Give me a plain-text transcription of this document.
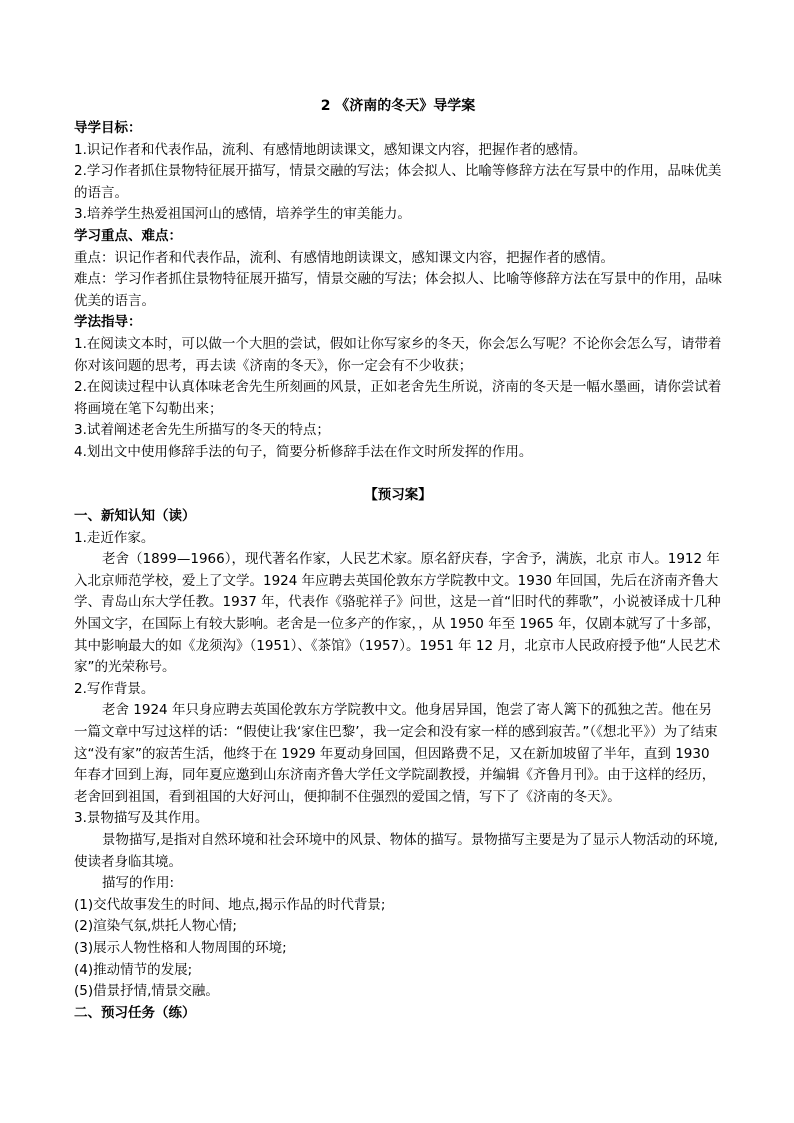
2 《济南的冬天》导学案

导学目标：

1.识记作者和代表作品，流利、有感情地朗读课文，感知课文内容，把握作者的感情。

2.学习作者抓住景物特征展开描写，情景交融的写法；体会拟人、比喻等修辞方法在写景中的作用，品味优美的语言。

3.培养学生热爱祖国河山的感情，培养学生的审美能力。

学习重点、难点：

重点：识记作者和代表作品，流利、有感情地朗读课文，感知课文内容，把握作者的感情。

难点：学习作者抓住景物特征展开描写，情景交融的写法；体会拟人、比喻等修辞方法在写景中的作用，品味优美的语言。

学法指导：

1.在阅读文本时，可以做一个大胆的尝试，假如让你写家乡的冬天，你会怎么写呢？不论你会怎么写，请带着你对该问题的思考，再去读《济南的冬天》，你一定会有不少收获；

2.在阅读过程中认真体味老舍先生所刻画的风景，正如老舍先生所说，济南的冬天是一幅水墨画，请你尝试着将画境在笔下勾勒出来；

3.试着阐述老舍先生所描写的冬天的特点；

4.划出文中使用修辞手法的句子，简要分析修辞手法在作文时所发挥的作用。

【预习案】

一、新知认知（读）

1.走近作家。

老舍（1899—1966），现代著名作家，人民艺术家。原名舒庆春，字舍予，满族，北京 市人。1912 年入北京师范学校，爱上了文学。1924 年应聘去英国伦敦东方学院教中文。1930 年回国，先后在济南齐鲁大学、青岛山东大学任教。1937 年，代表作《骆驼祥子》问世，这是一首“旧时代的葬歌”，小说被译成十几种外国文字，在国际上有较大影响。老舍是一位多产的作家，，从 1950 年至 1965 年，仅剧本就写了十多部，其中影响最大的如《龙须沟》（1951）、《茶馆》（1957）。1951 年 12 月，北京市人民政府授予他“人民艺术家”的光荣称号。

2.写作背景。

老舍 1924 年只身应聘去英国伦敦东方学院教中文。他身居异国，饱尝了寄人篱下的孤独之苦。他在另一篇文章中写过这样的话：“假使让我‘家住巴黎’，我一定会和没有家一样的感到寂苦。”（《想北平》）为了结束这“没有家”的寂苦生活，他终于在 1929 年夏动身回国，但因路费不足，又在新加坡留了半年，直到 1930 年春才回到上海，同年夏应邀到山东济南齐鲁大学任文学院副教授，并编辑《齐鲁月刊》。由于这样的经历，老舍回到祖国，看到祖国的大好河山，便抑制不住强烈的爱国之情，写下了《济南的冬天》。

3.景物描写及其作用。

景物描写,是指对自然环境和社会环境中的风景、物体的描写。景物描写主要是为了显示人物活动的环境,使读者身临其境。

描写的作用:

(1)交代故事发生的时间、地点,揭示作品的时代背景;

(2)渲染气氛,烘托人物心情;

(3)展示人物性格和人物周围的环境;

(4)推动情节的发展;

(5)借景抒情,情景交融。

二、预习任务（练）
